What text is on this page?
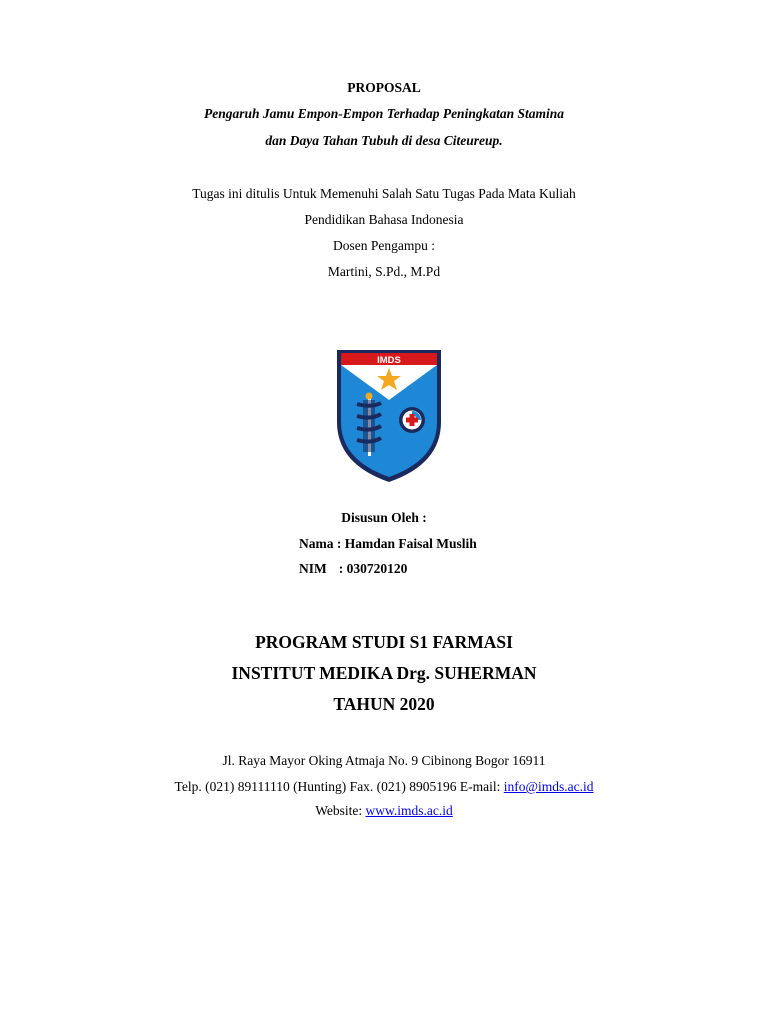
PROPOSAL
Pengaruh Jamu Empon-Empon Terhadap Peningkatan Stamina
dan Daya Tahan Tubuh di desa Citeureup.
Tugas ini ditulis Untuk Memenuhi Salah Satu Tugas Pada Mata Kuliah
Pendidikan Bahasa Indonesia
Dosen Pengampu :
Martini, S.Pd., M.Pd
IMDS
Disusun Oleh :
Nama : Hamdan Faisal Muslih
NIM : 030720120
PROGRAM STUDI S1 FARMASI
INSTITUT MEDIKA Drg. SUHERMAN
TAHUN 2020
Jl. Raya Mayor Oking Atmaja No. 9 Cibinong Bogor 16911
Telp. (021) 89111110 (Hunting) Fax. (021) 8905196 E-mail: info@imds.ac.id
Website: www.imds.ac.id
